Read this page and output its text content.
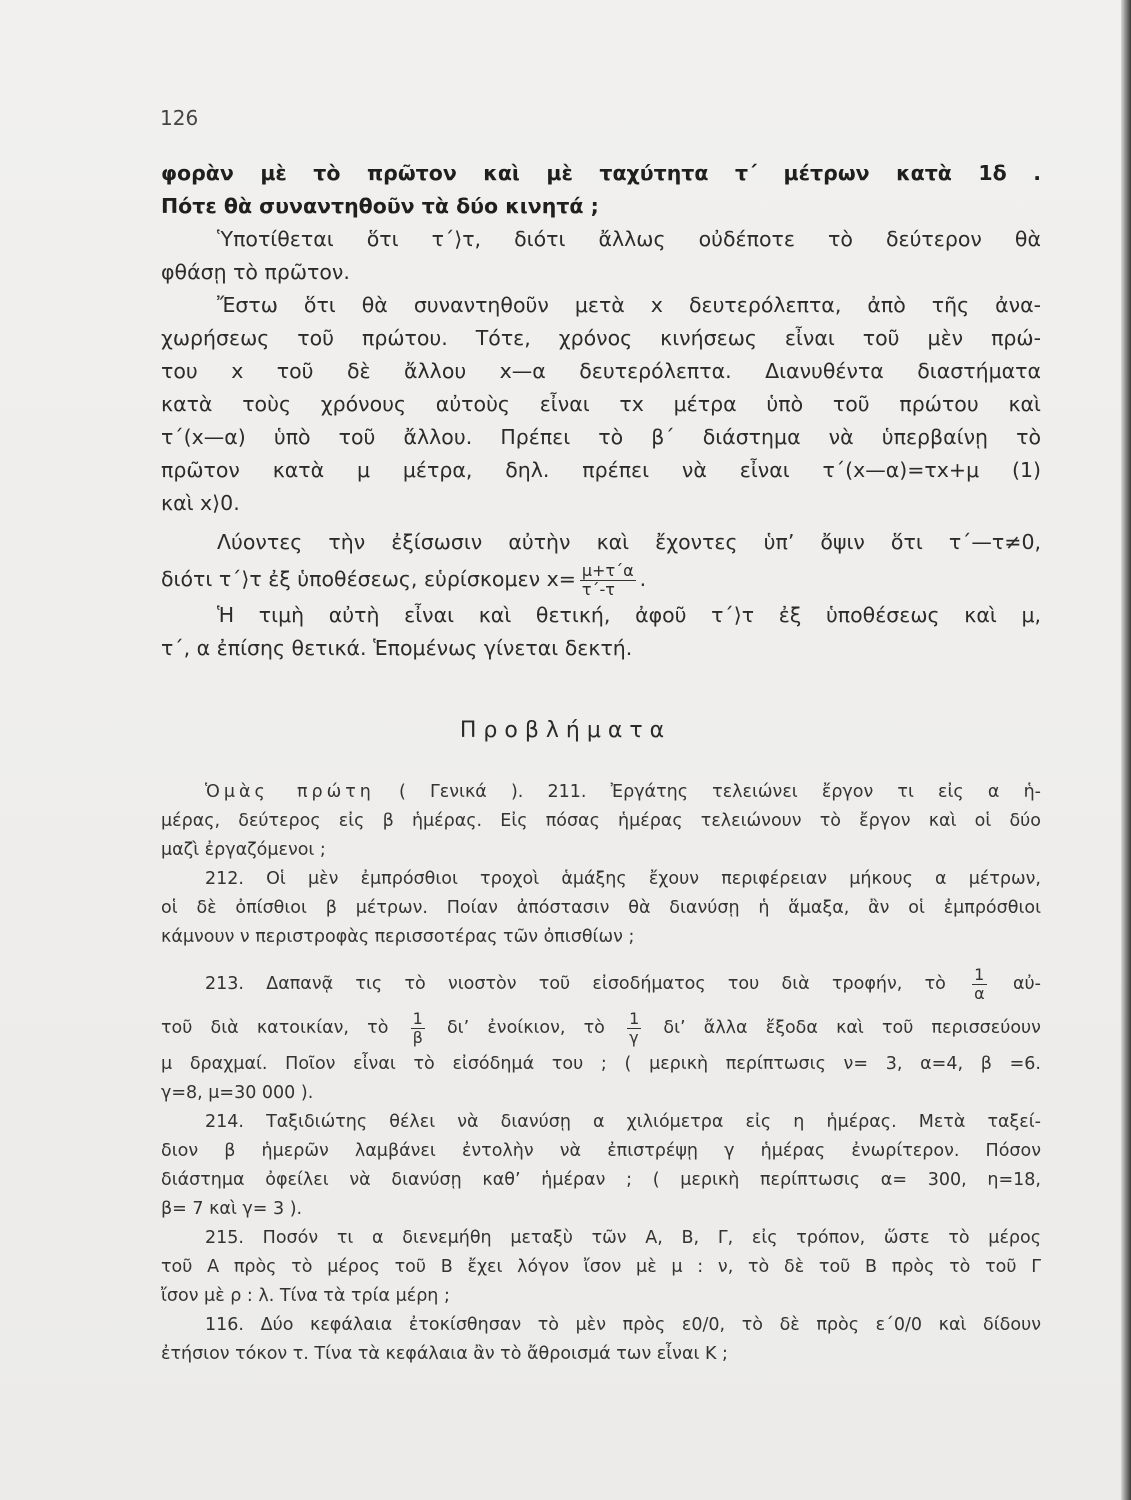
126
φορὰν μὲ τὸ πρῶτον καὶ μὲ ταχύτητα τ΄ μέτρων κατὰ 1δ .
Πότε θὰ συναντηθοῦν τὰ δύο κινητά ;
Ὑποτίθεται ὅτι τ΄⟩τ, διότι ἄλλως οὐδέποτε τὸ δεύτερον θὰ
φθάσῃ τὸ πρῶτον.
Ἔστω ὅτι θὰ συναντηθοῦν μετὰ x δευτερόλεπτα, ἀπὸ τῆς ἀνα-
χωρήσεως τοῦ πρώτου. Τότε, χρόνος κινήσεως εἶναι τοῦ μὲν πρώ-
του x τοῦ δὲ ἄλλου x—α δευτερόλεπτα. Διανυθέντα διαστήματα
κατὰ τοὺς χρόνους αὐτοὺς εἶναι τx μέτρα ὑπὸ τοῦ πρώτου καὶ
τ΄(x—α) ὑπὸ τοῦ ἄλλου. Πρέπει τὸ β΄ διάστημα νὰ ὑπερβαίνῃ τὸ
πρῶτον κατὰ μ μέτρα, δηλ. πρέπει νὰ εἶναι τ΄(x—α)=τx+μ (1)
καὶ x⟩0.
Λύοντες τὴν ἐξίσωσιν αὐτὴν καὶ ἔχοντες ὑπ’ ὄψιν ὅτι τ΄—τ≠0,
διότι τ΄⟩τ ἐξ ὑποθέσεως, εὑρίσκομεν $x= \frac{\mu+\tau΄\alpha}{\tau΄-\tau}$ .
Ἡ τιμὴ αὐτὴ εἶναι καὶ θετική, ἀφοῦ τ΄⟩τ ἐξ ὑποθέσεως καὶ μ,
τ΄, α ἐπίσης θετικά. Ἑπομένως γίνεται δεκτή.
Προβλήματα
Ὁμὰς πρώτη ( Γενικά ). 211. Ἐργάτης τελειώνει ἔργον τι εἰς α ἡ-
μέρας, δεύτερος εἰς β ἡμέρας. Εἰς πόσας ἡμέρας τελειώνουν τὸ ἔργον καὶ οἱ δύο
μαζὶ ἐργαζόμενοι ;
212. Οἱ μὲν ἐμπρόσθιοι τροχοὶ ἁμάξης ἔχουν περιφέρειαν μήκους α μέτρων,
οἱ δὲ ὀπίσθιοι β μέτρων. Ποίαν ἀπόστασιν θὰ διανύσῃ ἡ ἅμαξα, ἂν οἱ ἐμπρόσθιοι
κάμνουν ν περιστροφὰς περισσοτέρας τῶν ὀπισθίων ;
213. Δαπανᾷ τις τὸ νιοστὸν τοῦ εἰσοδήματος του διὰ τροφήν, τὸ $\frac{1}{\alpha}$ αὐ-
τοῦ διὰ κατοικίαν, τὸ $\frac{1}{\beta} \delta\iota$’ ἐνοίκιον, τὸ $\frac{1}{\gamma} \delta\iota$’ ἄλλα ἔξοδα καὶ τοῦ περισσεύουν
μ δραχμαί. Ποῖον εἶναι τὸ εἰσόδημά του ; ( μερικὴ περίπτωσις ν= 3, α=4, β =6.
γ=8, μ=30 000 ).
214. Ταξιδιώτης θέλει νὰ διανύσῃ α χιλιόμετρα εἰς η ἡμέρας. Μετὰ ταξεί-
διον β ἡμερῶν λαμβάνει ἐντολὴν νὰ ἐπιστρέψῃ γ ἡμέρας ἐνωρίτερον. Πόσον
διάστημα ὀφείλει νὰ διανύσῃ καθ’ ἡμέραν ; ( μερικὴ περίπτωσις α= 300, η=18,
β= 7 καὶ γ= 3 ).
215. Ποσόν τι α διενεμήθη μεταξὺ τῶν Α, Β, Γ, εἰς τρόπον, ὥστε τὸ μέρος
τοῦ Α πρὸς τὸ μέρος τοῦ Β ἔχει λόγον ἴσον μὲ μ : ν, τὸ δὲ τοῦ Β πρὸς τὸ τοῦ Γ
ἴσον μὲ ρ : λ. Τίνα τὰ τρία μέρη ;
116. Δύο κεφάλαια ἐτοκίσθησαν τὸ μὲν πρὸς ε0/0, τὸ δὲ πρὸς ε΄0/0 καὶ δίδουν
ἐτήσιον τόκον τ. Τίνα τὰ κεφάλαια ἂν τὸ ἄθροισμά των εἶναι Κ ;
